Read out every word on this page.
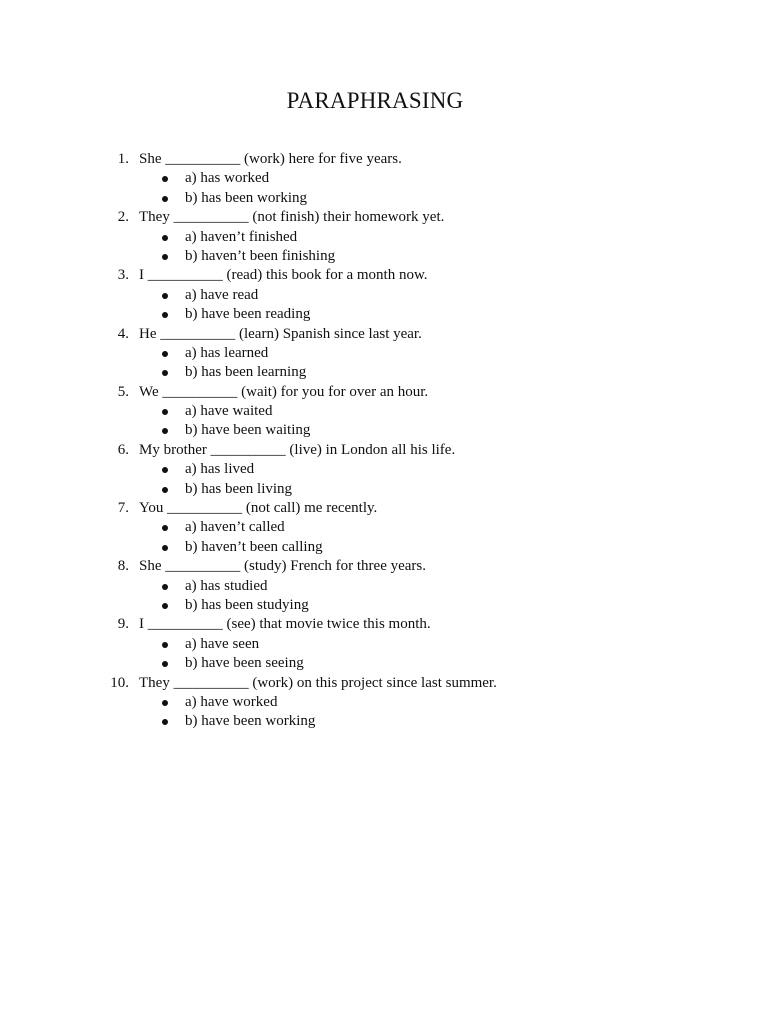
PARAPHRASING
1. She __________ (work) here for five years.
a) has worked
b) has been working
2. They __________ (not finish) their homework yet.
a) haven’t finished
b) haven’t been finishing
3. I __________ (read) this book for a month now.
a) have read
b) have been reading
4. He __________ (learn) Spanish since last year.
a) has learned
b) has been learning
5. We __________ (wait) for you for over an hour.
a) have waited
b) have been waiting
6. My brother __________ (live) in London all his life.
a) has lived
b) has been living
7. You __________ (not call) me recently.
a) haven’t called
b) haven’t been calling
8. She __________ (study) French for three years.
a) has studied
b) has been studying
9. I __________ (see) that movie twice this month.
a) have seen
b) have been seeing
10. They __________ (work) on this project since last summer.
a) have worked
b) have been working
